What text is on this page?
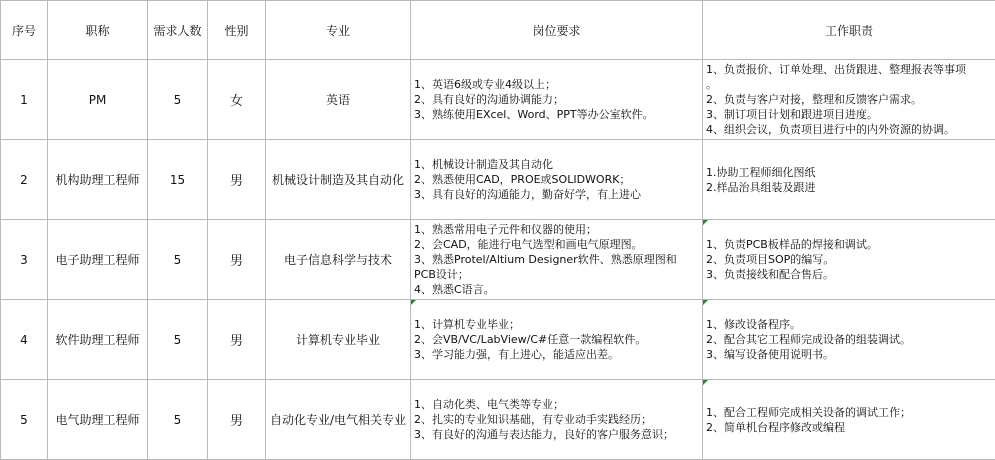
序号	职称	需求人数	性别	专业	岗位要求	工作职责
1	PM	5	女	英语	1、英语6级或专业4级以上；
2、具有良好的沟通协调能力；
3、熟练使用EXcel、Word、PPT等办公室软件。	1、负责报价、订单处理、出货跟进、整理报表等事项
。
2、负责与客户对接，整理和反馈客户需求。
3、制订项目计划和跟进项目进度。
4、组织会议，负责项目进行中的内外资源的协调。

2	机构助理工程师	15	男	机械设计制造及其自动化	1、机械设计制造及其自动化
2、熟悉使用CAD，PROE或SOLIDWORK；
3、具有良好的沟通能力，勤奋好学，有上进心	1.协助工程师细化图纸
2.样品治具组装及跟进

3	电子助理工程师	5	男	电子信息科学与技术	1、熟悉常用电子元件和仪器的使用；
2、会CAD，能进行电气选型和画电气原理图。
3、熟悉Protel/Altium Designer软件、熟悉原理图和
PCB设计；
4、熟悉C语言。	1、负责PCB板样品的焊接和调试。
2、负责项目SOP的编写。
3、负责接线和配合售后。

4	软件助理工程师	5	男	计算机专业毕业	1、计算机专业毕业；
2、会VB/VC/LabView/C#任意一款编程软件。
3、学习能力强，有上进心，能适应出差。	1、修改设备程序。
2、配合其它工程师完成设备的组装调试。
3、编写设备使用说明书。

5	电气助理工程师	5	男	自动化专业/电气相关专业	1、自动化类、电气类等专业；
2、扎实的专业知识基础，有专业动手实践经历；
3、有良好的沟通与表达能力，良好的客户服务意识；	1、配合工程师完成相关设备的调试工作；
2、简单机台程序修改或编程
